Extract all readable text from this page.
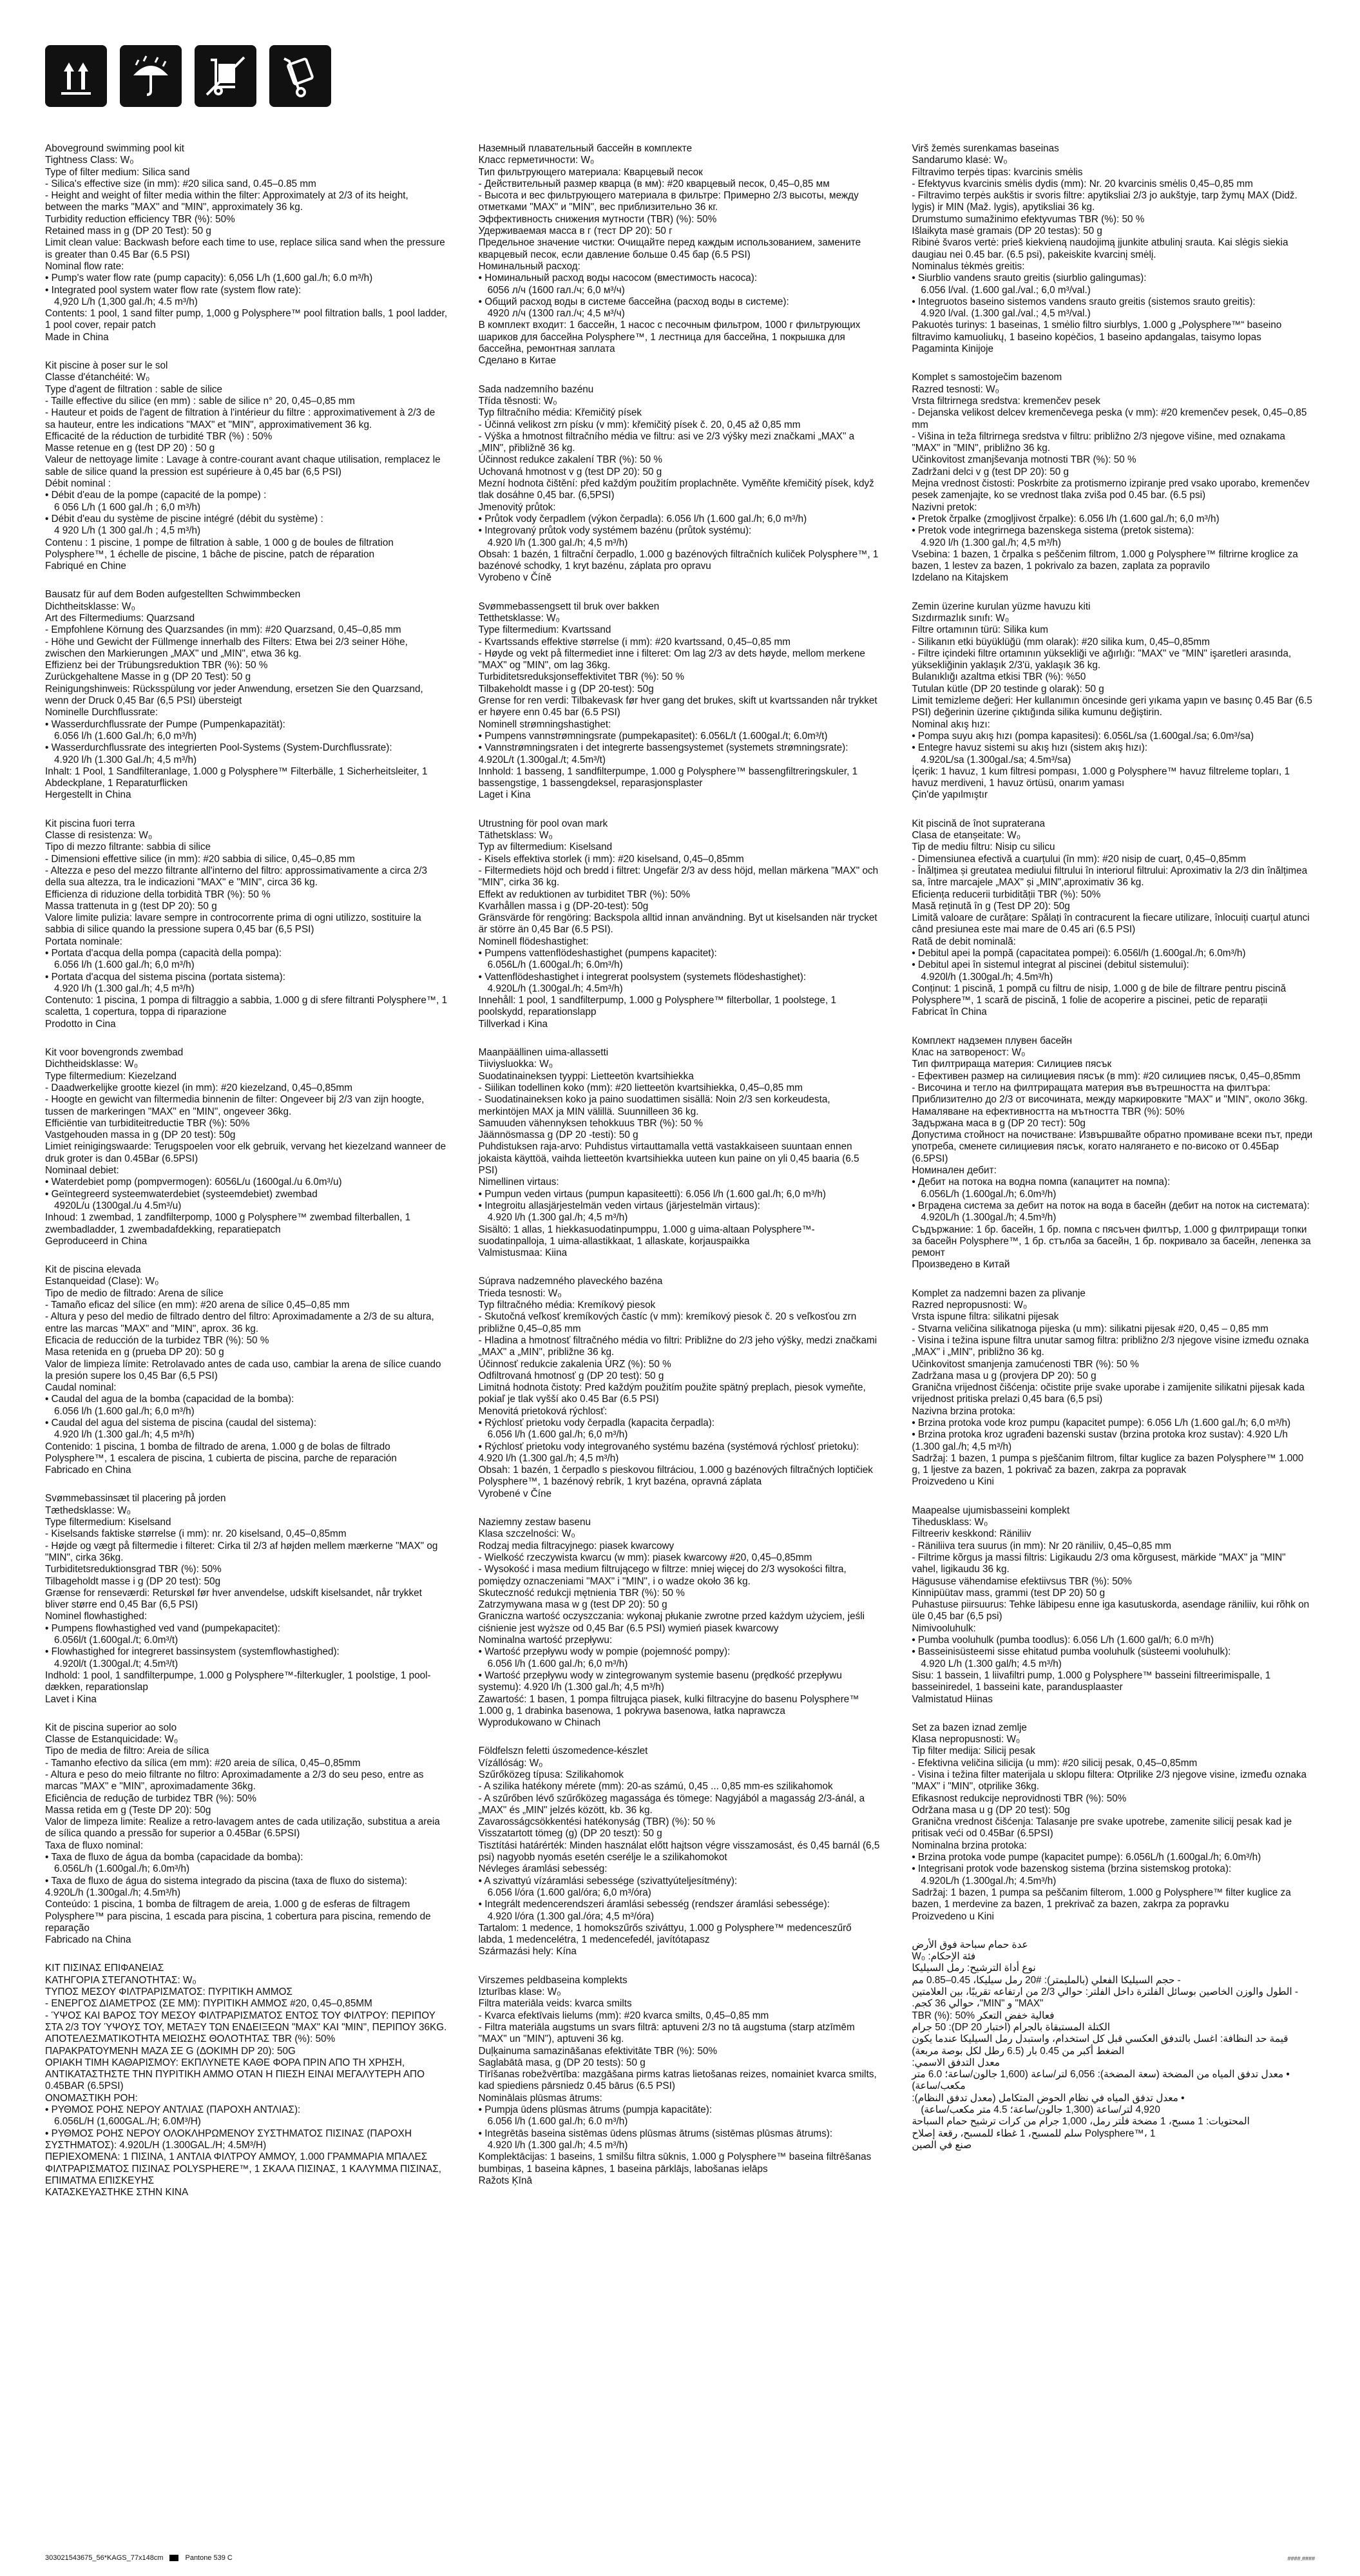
Aboveground swimming pool kit
Tightness Class: W₀
Type of filter medium: Silica sand
- Silica's effective size (in mm): #20 silica sand, 0.45–0.85 mm
- Height and weight of filter media within the filter: Approximately at 2/3 of its height, between the marks "MAX" and "MIN", approximately 36 kg.
Turbidity reduction efficiency TBR (%): 50%
Retained mass in g (DP 20 Test): 50 g
Limit clean value: Backwash before each time to use, replace silica sand when the pressure is greater than 0.45 Bar (6.5 PSI)
Nominal flow rate:
• Pump's water flow rate (pump capacity): 6,056 L/h (1,600 gal./h; 6.0 m³/h)
• Integrated pool system water flow rate (system flow rate):
4,920 L/h (1,300 gal./h; 4.5 m³/h)
Contents: 1 pool, 1 sand filter pump, 1,000 g Polysphere™ pool filtration balls, 1 pool ladder, 1 pool cover, repair patch
Made in China
Kit piscine à poser sur le sol
Classe d'étanchéité: W₀
Type d'agent de filtration : sable de silice
- Taille effective du silice (en mm) : sable de silice n° 20, 0,45–0,85 mm
- Hauteur et poids de l'agent de filtration à l'intérieur du filtre : approximativement à 2/3 de sa hauteur, entre les indications "MAX" et "MIN", approximativement 36 kg.
Efficacité de la réduction de turbidité TBR (%) : 50%
Masse retenue en g (test DP 20) : 50 g
Valeur de nettoyage limite : Lavage à contre-courant avant chaque utilisation, remplacez le sable de silice quand la pression est supérieure à 0,45 bar (6,5 PSI)
Débit nominal :
• Débit d'eau de la pompe (capacité de la pompe) :
6 056 L/h (1 600 gal./h ; 6,0 m³/h)
• Débit d'eau du système de piscine intégré (débit du système) :
4 920 L/h (1 300 gal./h ; 4,5 m³/h)
Contenu : 1 piscine, 1 pompe de filtration à sable, 1 000 g de boules de filtration Polysphere™, 1 échelle de piscine, 1 bâche de piscine, patch de réparation
Fabriqué en Chine
Bausatz für auf dem Boden aufgestellten Schwimmbecken
Dichtheitsklasse: W₀
Art des Filtermediums: Quarzsand
- Empfohlene Körnung des Quarzsandes (in mm): #20 Quarzsand, 0,45–0,85 mm
- Höhe und Gewicht der Füllmenge innerhalb des Filters: Etwa bei 2/3 seiner Höhe, zwischen den Markierungen „MAX" und „MIN", etwa 36 kg.
Effizienz bei der Trübungsreduktion TBR (%): 50 %
Zurückgehaltene Masse in g (DP 20 Test): 50 g
Reinigungshinweis: Rücksspülung vor jeder Anwendung, ersetzen Sie den Quarzsand, wenn der Druck 0,45 Bar (6,5 PSI) übersteigt
Nominelle Durchflussrate:
• Wasserdurchflussrate der Pumpe (Pumpenkapazität):
6.056 l/h (1.600 Gal./h; 6,0 m³/h)
• Wasserdurchflussrate des integrierten Pool-Systems (System-Durchflussrate):
4.920 l/h (1.300 Gal./h; 4,5 m³/h)
Inhalt: 1 Pool, 1 Sandfilteranlage, 1.000 g Polysphere™ Filterbälle, 1 Sicherheitsleiter, 1 Abdeckplane, 1 Reparaturflicken
Hergestellt in China
Kit piscina fuori terra
Classe di resistenza: W₀
Tipo di mezzo filtrante: sabbia di silice
- Dimensioni effettive silice (in mm): #20 sabbia di silice, 0,45–0,85 mm
- Altezza e peso del mezzo filtrante all'interno del filtro: approssimativamente a circa 2/3 della sua altezza, tra le indicazioni "MAX" e "MIN", circa 36 kg.
Efficienza di riduzione della torbidità TBR (%): 50 %
Massa trattenuta in g (test DP 20): 50 g
Valore limite pulizia: lavare sempre in controcorrente prima di ogni utilizzo, sostituire la sabbia di silice quando la pressione supera 0,45 bar (6,5 PSI)
Portata nominale:
• Portata d'acqua della pompa (capacità della pompa):
6.056 l/h (1.600 gal./h; 6,0 m³/h)
• Portata d'acqua del sistema piscina (portata sistema):
4.920 l/h (1.300 gal./h; 4,5 m³/h)
Contenuto: 1 piscina, 1 pompa di filtraggio a sabbia, 1.000 g di sfere filtranti Polysphere™, 1 scaletta, 1 copertura, toppa di riparazione
Prodotto in Cina
Kit voor bovengronds zwembad
Dichtheidsklasse: W₀
Type filtermedium: Kiezelzand
- Daadwerkelijke grootte kiezel (in mm): #20 kiezelzand, 0,45–0,85mm
- Hoogte en gewicht van filtermedia binnenin de filter: Ongeveer bij 2/3 van zijn hoogte, tussen de markeringen "MAX" en "MIN", ongeveer 36kg.
Efficiëntie van turbiditeitreductie TBR (%): 50%
Vastgehouden massa in g (DP 20 test): 50g
Limiet reinigingswaarde: Terugspoelen voor elk gebruik, vervang het kiezelzand wanneer de druk groter is dan 0.45Bar (6.5PSI)
Nominaal debiet:
• Waterdebiet pomp (pompvermogen): 6056L/u (1600gal./u 6.0m³/u)
• Geïntegreerd systeemwaterdebiet (systeemdebiet) zwembad
4920L/u (1300gal./u 4.5m³/u)
Inhoud: 1 zwembad, 1 zandfilterpomp, 1000 g Polysphere™ zwembad filterballen, 1 zwembadladder, 1 zwembadafdekking, reparatiepatch
Geproduceerd in China
Kit de piscina elevada
Estanqueidad (Clase): W₀
Tipo de medio de filtrado: Arena de sílice
- Tamaño eficaz del sílice (en mm): #20 arena de sílice 0,45–0,85 mm
- Altura y peso del medio de filtrado dentro del filtro: Aproximadamente a 2/3 de su altura, entre las marcas "MAX" and "MIN", aprox. 36 kg.
Eficacia de reducción de la turbidez TBR (%): 50 %
Masa retenida en g (prueba DP 20): 50 g
Valor de limpieza límite: Retrolavado antes de cada uso, cambiar la arena de sílice cuando la presión supere los 0,45 Bar (6,5 PSI)
Caudal nominal:
• Caudal del agua de la bomba (capacidad de la bomba):
6.056 l/h (1.600 gal./h; 6,0 m³/h)
• Caudal del agua del sistema de piscina (caudal del sistema):
4.920 l/h (1.300 gal./h; 4,5 m³/h)
Contenido: 1 piscina, 1 bomba de filtrado de arena, 1.000 g de bolas de filtrado Polysphere™, 1 escalera de piscina, 1 cubierta de piscina, parche de reparación
Fabricado en China
Svømmebassinsæt til placering på jorden
Tæthedsklasse: W₀
Type filtermedium: Kiselsand
- Kiselsands faktiske størrelse (i mm): nr. 20 kiselsand, 0,45–0,85mm
- Højde og vægt på filtermedie i filteret: Cirka til 2/3 af højden mellem mærkerne "MAX" og "MIN", cirka 36kg.
Turbiditetsreduktionsgrad TBR (%): 50%
Tilbageholdt masse i g (DP 20 test): 50g
Grænse for renseværdi: Returskøl før hver anvendelse, udskift kiselsandet, når trykket bliver større end 0,45 Bar (6,5 PSI)
Nominel flowhastighed:
• Pumpens flowhastighed ved vand (pumpekapacitet):
6.056l/t (1.600gal./t; 6.0m³/t)
• Flowhastighed for integreret bassinsystem (systemflowhastighed):
4.920l/t (1.300gal./t; 4.5m³/t)
Indhold: 1 pool, 1 sandfilterpumpe, 1.000 g Polysphere™-filterkugler, 1 poolstige, 1 pool-dækken, reparationslap
Lavet i Kina
Kit de piscina superior ao solo
Classe de Estanquicidade: W₀
Tipo de media de filtro: Areia de sílica
- Tamanho efectivo da sílica (em mm): #20 areia de sílica, 0,45–0,85mm
- Altura e peso do meio filtrante no filtro: Aproximadamente a 2/3 do seu peso, entre as marcas "MAX" e "MIN", aproximadamente 36kg.
Eficiência de redução de turbidez TBR (%): 50%
Massa retida em g (Teste DP 20): 50g
Valor de limpeza limite: Realize a retro-lavagem antes de cada utilização, substitua a areia de sílica quando a pressão for superior a 0.45Bar (6.5PSI)
Taxa de fluxo nominal:
• Taxa de fluxo de água da bomba (capacidade da bomba):
6.056L/h (1.600gal./h; 6.0m³/h)
• Taxa de fluxo de água do sistema integrado da piscina (taxa de fluxo do sistema): 4.920L/h (1.300gal./h; 4.5m³/h)
Conteúdo: 1 piscina, 1 bomba de filtragem de areia, 1.000 g de esferas de filtragem Polysphere™ para piscina, 1 escada para piscina, 1 cobertura para piscina, remendo de reparação
Fabricado na China
ΚΙΤ ΠΙΣΙΝΑΣ ΕΠΙΦΑΝΕΙΑΣ
ΚΑΤΗΓΟΡΙΑ ΣΤΕΓΑΝΟΤΗΤΑΣ: W₀
ΤΥΠΟΣ ΜΕΣΟΥ ΦΙΛΤΡΑΡΙΣΜΑΤΟΣ: ΠΥΡΙΤΙΚΗ ΑΜΜΟΣ
- ΕΝΕΡΓΟΣ ΔΙΑΜΕΤΡΟΣ (ΣΕ MM): ΠΥΡΙΤΙΚΗ ΑΜΜΟΣ #20, 0,45–0,85MM
- ΎΨΟΣ ΚΑΙ ΒΑΡΟΣ ΤΟΥ ΜΕΣΟΥ ΦΙΛΤΡΑΡΙΣΜΑΤΟΣ ΕΝΤΟΣ ΤΟΥ ΦΙΛΤΡΟΥ: ΠΕΡΙΠΟΥ ΣΤΑ 2/3 ΤΟΥ ΎΨΟΥΣ ΤΟΥ, ΜΕΤΑΞΥ ΤΩΝ ΕΝΔΕΙΞΕΩΝ "MAX" ΚΑΙ "MIN", ΠΕΡΙΠΟΥ 36KG.
ΑΠΟΤΕΛΕΣΜΑΤΙΚΟΤΗΤΑ ΜΕΙΩΣΗΣ ΘΟΛΟΤΗΤΑΣ TBR (%): 50%
ΠΑΡΑΚΡΑΤΟΥΜΕΝΗ ΜΑΖΑ ΣΕ G (ΔΟΚΙΜΗ DP 20): 50G
ΟΡΙΑΚΗ ΤΙΜΗ ΚΑΘΑΡΙΣΜΟΥ: ΕΚΠΛΥΝΕΤΕ ΚΑΘΕ ΦΟΡΑ ΠΡΙΝ ΑΠΟ ΤΗ ΧΡΗΣΗ, ΑΝΤΙΚΑΤΑΣΤΗΣΤΕ ΤΗΝ ΠΥΡΙΤΙΚΗ ΑΜΜΟ ΟΤΑΝ Η ΠΙΕΣΗ ΕΙΝΑΙ ΜΕΓΑΛΥΤΕΡΗ ΑΠΟ 0.45BAR (6.5PSI)
ΟΝΟΜΑΣΤΙΚΗ ΡΟΗ:
• ΡΥΘΜΟΣ ΡΟΗΣ ΝΕΡΟΥ ΑΝΤΛΙΑΣ (ΠΑΡΟΧΗ ΑΝΤΛΙΑΣ):
6.056L/H (1,600GAL./H; 6.0M³/H)
• ΡΥΘΜΟΣ ΡΟΗΣ ΝΕΡΟΥ ΟΛΟΚΛΗΡΩΜΕΝΟΥ ΣΥΣΤΗΜΑΤΟΣ ΠΙΣΙΝΑΣ (ΠΑΡΟΧΗ ΣΥΣΤΗΜΑΤΟΣ): 4.920L/H (1.300GAL./H; 4.5M³/H)
ΠΕΡΙΕΧΟΜΕΝΑ: 1 ΠΙΣΙΝΑ, 1 ΑΝΤΛΙΑ ΦΙΛΤΡΟΥ ΑΜΜΟΥ, 1.000 ΓΡΑΜΜΑΡΙΑ ΜΠΑΛΕΣ ΦΙΛΤΡΑΡΙΣΜΑΤΟΣ ΠΙΣΙΝΑΣ POLYSPHERE™, 1 ΣΚΑΛΑ ΠΙΣΙΝΑΣ, 1 ΚΑΛΥΜΜΑ ΠΙΣΙΝΑΣ, ΕΠΙΜΑΤΜΑ ΕΠΙΣΚΕΥΗΣ
ΚΑΤΑΣΚΕΥΑΣΤΗΚΕ ΣΤΗΝ ΚΙΝΑ
Наземный плавательный бассейн в комплекте
Класс герметичности: W₀
Тип фильтрующего материала: Кварцевый песок
- Действительный размер кварца (в мм): #20 кварцевый песок, 0,45–0,85 мм
- Высота и вес фильтрующего материала в фильтре: Примерно 2/3 высоты, между отметками "MAX" и "MIN", вес приблизительно 36 кг.
Эффективность снижения мутности (TBR) (%): 50%
Удерживаемая масса в г (тест DP 20): 50 г
Предельное значение чистки: Очищайте перед каждым использованием, замените кварцевый песок, если давление больше 0.45 бар (6.5 PSI)
Номинальный расход:
• Номинальный расход воды насосом (вместимость насоса):
6056 л/ч (1600 гал./ч; 6,0 м³/ч)
• Общий расход воды в системе бассейна (расход воды в системе):
4920 л/ч (1300 гал./ч; 4,5 м³/ч)
В комплект входит: 1 бассейн, 1 насос с песочным фильтром, 1000 г фильтрующих шариков для бассейна Polysphere™, 1 лестница для бассейна, 1 покрышка для бассейна, ремонтная заплата
Сделано в Китае
Sada nadzemního bazénu
Třída těsnosti: W₀
Typ filtračního média: Křemičitý písek
- Účinná velikost zrn písku (v mm): křemičitý písek č. 20, 0,45 až 0,85 mm
- Výška a hmotnost filtračního média ve filtru: asi ve 2/3 výšky mezi značkami „MAX" a „MIN", přibližně 36 kg.
Účinnost redukce zakalení TBR (%): 50 %
Uchovaná hmotnost v g (test DP 20): 50 g
Mezní hodnota čištění: před každým použitím proplachněte. Vyměňte křemičitý písek, když tlak dosáhne 0,45 bar. (6,5PSI)
Jmenovitý průtok:
• Průtok vody čerpadlem (výkon čerpadla): 6.056 l/h (1.600 gal./h; 6,0 m³/h)
• Integrovaný průtok vody systémem bazénu (průtok systému):
4.920 l/h (1.300 gal./h; 4,5 m³/h)
Obsah: 1 bazén, 1 filtrační čerpadlo, 1.000 g bazénových filtračních kuliček Polysphere™, 1 bazénové schodky, 1 kryt bazénu, záplata pro opravu
Vyrobeno v Číně
Svømmebassengsett til bruk over bakken
Tetthetsklasse: W₀
Type filtermedium: Kvartssand
- Kvartssands effektive størrelse (i mm): #20 kvartssand, 0,45–0,85 mm
- Høyde og vekt på filtermediet inne i filteret: Om lag 2/3 av dets høyde, mellom merkene "MAX" og "MIN", om lag 36kg.
Turbiditetsreduksjonseffektivitet TBR (%): 50 %
Tilbakeholdt masse i g (DP 20-test): 50g
Grense for ren verdi: Tilbakevask før hver gang det brukes, skift ut kvartssanden når trykket er høyere enn 0.45 bar (6.5 PSI)
Nominell strømningshastighet:
• Pumpens vannstrømningsrate (pumpekapasitet): 6.056L/t (1.600gal./t; 6.0m³/t)
• Vannstrømningsraten i det integrerte bassengsystemet (systemets strømningsrate): 4.920L/t (1.300gal./t; 4.5m³/t)
Innhold: 1 basseng, 1 sandfilterpumpe, 1.000 g Polysphere™ bassengfiltreringskuler, 1 bassengstige, 1 bassengdeksel, reparasjonsplaster
Laget i Kina
Utrustning för pool ovan mark
Täthetsklass: W₀
Typ av filtermedium: Kiselsand
- Kisels effektiva storlek (i mm): #20 kiselsand, 0,45–0,85mm
- Filtermediets höjd och bredd i filtret: Ungefär 2/3 av dess höjd, mellan märkena "MAX" och "MIN", cirka 36 kg.
Effekt av reduktionen av turbiditet TBR (%): 50%
Kvarhållen massa i g (DP-20-test): 50g
Gränsvärde för rengöring: Backspola alltid innan användning. Byt ut kiselsanden när trycket är större än 0,45 Bar (6.5 PSI).
Nominell flödeshastighet:
• Pumpens vattenflödeshastighet (pumpens kapacitet):
6.056L/h (1.600gal./h; 6.0m³/h)
• Vattenflödeshastighet i integrerat poolsystem (systemets flödeshastighet):
4.920L/h (1.300gal./h; 4.5m³/h)
Innehåll: 1 pool, 1 sandfilterpump, 1.000 g Polysphere™ filterbollar, 1 poolstege, 1 poolskydd, reparationslapp
Tillverkad i Kina
Maanpäällinen uima-allassetti
Tiiviysluokka: W₀
Suodatinaineksen tyyppi: Lietteetön kvartsihiekka
- Siilikan todellinen koko (mm): #20 lietteetön kvartsihiekka, 0,45–0,85 mm
- Suodatinaineksen koko ja paino suodattimen sisällä: Noin 2/3 sen korkeudesta, merkintöjen MAX ja MIN välillä. Suunnilleen 36 kg.
Samuuden vähennyksen tehokkuus TBR (%): 50 %
Jäännösmassa g (DP 20 -testi): 50 g
Puhdistuksen raja-arvo: Puhdistus virtauttamalla vettä vastakkaiseen suuntaan ennen jokaista käyttöä, vaihda lietteetön kvartsihiekka uuteen kun paine on yli 0,45 baaria (6.5 PSI)
Nimellinen virtaus:
• Pumpun veden virtaus (pumpun kapasiteetti): 6.056 l/h (1.600 gal./h; 6,0 m³/h)
• Integroitu allasjärjestelmän veden virtaus (järjestelmän virtaus):
4.920 l/h (1.300 gal./h; 4,5 m³/h)
Sisältö: 1 allas, 1 hiekkasuodatinpumppu, 1.000 g uima-altaan Polysphere™-suodatinpalloja, 1 uima-allastikkaat, 1 allaskate, korjauspaikka
Valmistusmaa: Kiina
Súprava nadzemného plaveckého bazéna
Trieda tesnosti: W₀
Typ filtračného média: Kremíkový piesok
- Skutočná veľkosť kremíkových častíc (v mm): kremíkový piesok č. 20 s veľkosťou zrn približne 0,45–0,85 mm
- Hladina a hmotnosť filtračného média vo filtri: Približne do 2/3 jeho výšky, medzi značkami „MAX" a „MIN", približne 36 kg.
Účinnosť redukcie zakalenia ÚRZ (%): 50 %
Odfiltrovaná hmotnosť g (DP 20 test): 50 g
Limitná hodnota čistoty: Pred každým použitím použite spätný preplach, piesok vymeňte, pokiaľ je tlak vyšší ako 0.45 Bar (6.5 PSI)
Menovitá prietoková rýchlosť:
• Rýchlosť prietoku vody čerpadla (kapacita čerpadla):
6.056 l/h (1.600 gal./h; 6,0 m³/h)
• Rýchlosť prietoku vody integrovaného systému bazéna (systémová rýchlosť prietoku): 4.920 l/h (1.300 gal./h; 4,5 m³/h)
Obsah: 1 bazén, 1 čerpadlo s pieskovou filtráciou, 1.000 g bazénových filtračných loptičiek Polysphere™, 1 bazénový rebrík, 1 kryt bazéna, opravná záplata
Vyrobené v Číne
Naziemny zestaw basenu
Klasa szczelności: W₀
Rodzaj media filtracyjnego: piasek kwarcowy
- Wielkość rzeczywista kwarcu (w mm): piasek kwarcowy #20, 0,45–0,85mm
- Wysokość i masa medium filtrującego w filtrze: mniej więcej do 2/3 wysokości filtra, pomiędzy oznaczeniami "MAX" i "MIN", i o wadze około 36 kg.
Skuteczność redukcji mętnienia TBR (%): 50 %
Zatrzymywana masa w g (test DP 20): 50 g
Graniczna wartość oczyszczania: wykonaj płukanie zwrotne przed każdym użyciem, jeśli ciśnienie jest wyższe od 0,45 Bar (6.5 PSI) wymień piasek kwarcowy
Nominalna wartość przepływu:
• Wartość przepływu wody w pompie (pojemność pompy):
6.056 l/h (1.600 gal./h; 6,0 m³/h)
• Wartość przepływu wody w zintegrowanym systemie basenu (prędkość przepływu systemu): 4.920 l/h (1.300 gal./h; 4,5 m³/h)
Zawartość: 1 basen, 1 pompa filtrująca piasek, kulki filtracyjne do basenu Polysphere™ 1.000 g, 1 drabinka basenowa, 1 pokrywa basenowa, łatka naprawcza
Wyprodukowano w Chinach
Földfelszn feletti úszomedence-készlet
Vízállóság: W₀
Szűrőközeg típusa: Szilikahomok
- A szilika hatékony mérete (mm): 20-as számú, 0,45 ... 0,85 mm-es szilikahomok
- A szűrőben lévő szűrőközeg magassága és tömege: Nagyjából a magasság 2/3-ánál, a „MAX" és „MIN" jelzés között, kb. 36 kg.
Zavarosságcsökkentési hatékonyság (TBR) (%): 50 %
Visszatartott tömeg (g) (DP 20 teszt): 50 g
Tisztítási határérték: Minden használat előtt hajtson végre visszamosást, és 0,45 barnál (6,5 psi) nagyobb nyomás esetén cserélje le a szilikahomokot
Névleges áramlási sebesség:
• A szivattyú vízáramlási sebessége (szivattyúteljesítmény):
6.056 l/óra (1.600 gal/óra; 6,0 m³/óra)
• Integrált medencerendszeri áramlási sebesség (rendszer áramlási sebessége):
4.920 l/óra (1.300 gal./óra; 4,5 m³/óra)
Tartalom: 1 medence, 1 homokszűrős sziváttyu, 1.000 g Polysphere™ medenceszűrő labda, 1 medencelétra, 1 medencefedél, javítótapasz
Származási hely: Kína
Virszemes peldbaseina komplekts
Izturības klase: W₀
Filtra materiāla veids: kvarca smilts
- Kvarca efektīvais lielums (mm): #20 kvarca smilts, 0,45–0,85 mm
- Filtra materiāla augstums un svars filtrā: aptuveni 2/3 no tā augstuma (starp atzīmēm "MAX" un "MIN"), aptuveni 36 kg.
Duļķainuma samazināšanas efektivitāte TBR (%): 50%
Saglabātā masa, g (DP 20 tests): 50 g
Tīrīšanas robežvērtība: mazgāšana pirms katras lietošanas reizes, nomainiet kvarca smilts, kad spiediens pārsniedz 0.45 bārus (6.5 PSI)
Nominālais plūsmas ātrums:
• Pumpja ūdens plūsmas ātrums (pumpja kapacitāte):
6.056 l/h (1.600 gal./h; 6.0 m³/h)
• Integrētās baseina sistēmas ūdens plūsmas ātrums (sistēmas plūsmas ātrums):
4.920 l/h (1.300 gal./h; 4.5 m³/h)
Komplektācijas: 1 baseins, 1 smilšu filtra sūknis, 1.000 g Polysphere™ baseina filtrēšanas bumbiņas, 1 baseina kāpnes, 1 baseina pārklājs, labošanas ielāps
Ražots Ķīnā
Virš žemės surenkamas baseinas
Sandarumo klasė: W₀
Filtravimo terpės tipas: kvarcinis smėlis
- Efektyvus kvarcinis smėlis dydis (mm): Nr. 20 kvarcinis smėlis 0,45–0,85 mm
- Filtravimo terpės aukštis ir svoris filtre: apytiksliai 2/3 jo aukštyje, tarp žymų MAX (Didž. lygis) ir MIN (Maž. lygis), apytiksliai 36 kg.
Drumstumo sumažinimo efektyvumas TBR (%): 50 %
Išlaikyta masė gramais (DP 20 testas): 50 g
Ribinė švaros vertė: prieš kiekvieną naudojimą įjunkite atbulinį srauta. Kai slėgis siekia daugiau nei 0.45 bar. (6.5 psi), pakeiskite kvarcinį smėlį.
Nominalus tėkmės greitis:
• Siurblio vandens srauto greitis (siurblio galingumas):
6.056 l/val. (1.600 gal./val.; 6,0 m³/val.)
• Integruotos baseino sistemos vandens srauto greitis (sistemos srauto greitis):
4.920 l/val. (1.300 gal./val.; 4,5 m³/val.)
Pakuotės turinys: 1 baseinas, 1 smėlio filtro siurblys, 1.000 g „Polysphere™“ baseino filtravimo kamuoliukų, 1 baseino kopėčios, 1 baseino apdangalas, taisymo lopas
Pagaminta Kinijoje
Komplet s samostoječim bazenom
Razred tesnosti: W₀
Vrsta filtrirnega sredstva: kremenčev pesek
- Dejanska velikost delcev kremenčevega peska (v mm): #20 kremenčev pesek, 0,45–0,85 mm
- Višina in teža filtrirnega sredstva v filtru: približno 2/3 njegove višine, med oznakama "MAX" in "MIN", približno 36 kg.
Učinkovitost zmanjševanja motnosti TBR (%): 50 %
Zadržani delci v g (test DP 20): 50 g
Mejna vrednost čistosti: Poskrbite za protismerno izpiranje pred vsako uporabo, kremenčev pesek zamenjajte, ko se vrednost tlaka zviša pod 0.45 bar. (6.5 psi)
Nazivni pretok:
• Pretok črpalke (zmogljivost črpalke): 6.056 l/h (1.600 gal./h; 6,0 m³/h)
• Pretok vode integrirnega bazenskega sistema (pretok sistema):
4.920 l/h (1.300 gal./h; 4,5 m³/h)
Vsebina: 1 bazen, 1 črpalka s peščenim filtrom, 1.000 g Polysphere™ filtrirne kroglice za bazen, 1 lestev za bazen, 1 pokrivalo za bazen, zaplata za popravilo
Izdelano na Kitajskem
Zemin üzerine kurulan yüzme havuzu kiti
Sızdırmazlık sınıfı: W₀
Filtre ortamının türü: Silika kum
- Silikanın etki büyüklüğü (mm olarak): #20 silika kum, 0,45–0,85mm
- Filtre içindeki filtre ortamının yüksekliği ve ağırlığı: "MAX" ve "MIN" işaretleri arasında, yüksekliğinin yaklaşık 2/3'ü, yaklaşık 36 kg.
Bulanıklığı azaltma etkisi TBR (%): %50
Tutulan kütle (DP 20 testinde g olarak): 50 g
Limit temizleme değeri: Her kullanımın öncesinde geri yıkama yapın ve basınç 0.45 Bar (6.5 PSI) değerinin üzerine çıktığında silika kumunu değiştirin.
Nominal akış hızı:
• Pompa suyu akış hızı (pompa kapasitesi): 6.056L/sa (1.600gal./sa; 6.0m³/sa)
• Entegre havuz sistemi su akış hızı (sistem akış hızı):
4.920L/sa (1.300gal./sa; 4.5m³/sa)
İçerik: 1 havuz, 1 kum filtresi pompası, 1.000 g Polysphere™ havuz filtreleme topları, 1 havuz merdiveni, 1 havuz örtüsü, onarım yaması
Çin'de yapılmıştır
Kit piscină de înot supraterana
Clasa de etanșeitate: W₀
Tip de mediu filtru: Nisip cu silicu
- Dimensiunea efectivă a cuarțului (în mm): #20 nisip de cuarț, 0,45–0,85mm
- Înălțimea și greutatea mediului filtrului în interiorul filtrului: Aproximativ la 2/3 din înălțimea sa, între marcajele „MAX" și „MIN",aproximativ 36 kg.
Eficiența reducerii turbidității TBR (%): 50%
Masă reținută în g (Test DP 20): 50g
Limită valoare de curățare: Spălați în contracurent la fiecare utilizare, înlocuiți cuarțul atunci când presiunea este mai mare de 0.45 ari (6.5 PSI)
Rată de debit nominală:
• Debitul apei la pompă (capacitatea pompei): 6.056l/h (1.600gal./h; 6.0m³/h)
• Debitul apei în sistemul integrat al piscinei (debitul sistemului):
4.920l/h (1.300gal./h; 4.5m³/h)
Conținut: 1 piscină, 1 pompă cu filtru de nisip, 1.000 g de bile de filtrare pentru piscină Polysphere™, 1 scară de piscină, 1 folie de acoperire a piscinei, petic de reparații
Fabricat în China
Комплект надземен плувен басейн
Клас на затвореност: W₀
Тип филтрираща материя: Силициев пясък
- Ефективен размер на силициевия пясък (в mm): #20 силициев пясък, 0,45–0,85mm
- Височина и тегло на филтриращата материя във вътрешността на филтъра: Приблизително до 2/3 от височината, между маркировките "MAX" и "MIN", около 36kg.
Намаляване на ефективността на мътността TBR (%): 50%
Задържана маса в g (DP 20 тест): 50g
Допустима стойност на почистване: Извършвайте обратно промиване всеки път, преди употреба, сменете силициевия пясък, когато налягането е по-високо от 0.45Бар (6.5PSI)
Номинален дебит:
• Дебит на потока на водна помпа (капацитет на помпа):
6.056L/h (1.600gal./h; 6.0m³/h)
• Вградена система за дебит на поток на вода в басейн (дебит на поток на системата):
4.920L/h (1.300gal./h; 4.5m³/h)
Съдържание: 1 бр. басейн, 1 бр. помпа с пясъчен филтър, 1.000 g филтриращи топки за басейн Polysphere™, 1 бр. стълба за басейн, 1 бр. покривало за басейн, лепенка за ремонт
Произведено в Китай
Komplet za nadzemni bazen za plivanje
Razred nepropusnosti: W₀
Vrsta ispune filtra: silikatni pijesak
- Stvarna veličina silikatnoga pijeska (u mm): silikatni pijesak #20, 0,45 – 0,85 mm
- Visina i težina ispune filtra unutar samog filtra: približno 2/3 njegove visine između oznaka „MAX" i „MIN", približno 36 kg.
Učinkovitost smanjenja zamućenosti TBR (%): 50 %
Zadržana masa u g (provjera DP 20): 50 g
Granična vrijednost čišćenja: očistite prije svake uporabe i zamijenite silikatni pijesak kada vrijednost pritiska prelazi 0,45 bara (6,5 psi)
Nazivna brzina protoka:
• Brzina protoka vode kroz pumpu (kapacitet pumpe): 6.056 L/h (1.600 gal./h; 6,0 m³/h)
• Brzina protoka kroz ugrađeni bazenski sustav (brzina protoka kroz sustav): 4.920 L/h (1.300 gal./h; 4,5 m³/h)
Sadržaj: 1 bazen, 1 pumpa s pješčanim filtrom, filtar kuglice za bazen Polysphere™ 1.000 g, 1 ljestve za bazen, 1 pokrivač za bazen, zakrpa za popravak
Proizvedeno u Kini
Maapealse ujumisbasseini komplekt
Tihedusklass: W₀
Filtreeriv keskkond: Räniliiv
- Räniliiva tera suurus (in mm): Nr 20 räniliiv, 0,45–0,85 mm
- Filtrime kõrgus ja massi filtris: Ligikaudu 2/3 oma kõrgusest, märkide "MAX" ja "MIN" vahel, ligikaudu 36 kg.
Hägususe vähendamise efektiivsus TBR (%): 50%
Kinnipüütav mass, grammi (test DP 20) 50 g
Puhastuse piirsuurus: Tehke läbipesu enne iga kasutuskorda, asendage räniliiv, kui rõhk on üle 0,45 bar (6,5 psi)
Nimivooluhulk:
• Pumba vooluhulk (pumba toodlus): 6.056 L/h (1.600 gal/h; 6.0 m³/h)
• Basseinisüsteemi sisse ehitatud pumba vooluhulk (süsteemi vooluhulk):
4.920 L/h (1.300 gal/h; 4.5 m³/h)
Sisu: 1 bassein, 1 liivafiltri pump, 1.000 g Polysphere™ basseini filtreerimispalle, 1 basseiniredel, 1 basseini kate, parandusplaaster
Valmistatud Hiinas
Set za bazen iznad zemlje
Klasa nepropusnosti: W₀
Tip filter medija: Silicij pesak
- Efektivna veličina silicija (u mm): #20 silicij pesak, 0,45–0,85mm
- Visina i težina filter materijala u sklopu filtera: Otprilike 2/3 njegove visine, između oznaka "MAX" i "MIN", otprilike 36kg.
Efikasnost redukcije neprovidnosti TBR (%): 50%
Održana masa u g (DP 20 test): 50g
Granična vrednost čišćenja: Talasanje pre svake upotrebe, zamenite silicij pesak kad je pritisak veći od 0.45Bar (6.5PSI)
Nominalna brzina protoka:
• Brzina protoka vode pumpe (kapacitet pumpe): 6.056L/h (1.600gal./h; 6.0m³/h)
• Integrisani protok vode bazenskog sistema (brzina sistemskog protoka):
4.920L/h (1.300gal./h; 4.5m³/h)
Sadržaj: 1 bazen, 1 pumpa sa peščanim filterom, 1.000 g Polysphere™ filter kuglice za bazen, 1 merdevine za bazen, 1 prekrivač za bazen, zakrpa za popravku
Proizvedeno u Kini
عدة حمام سباحة فوق الأرض
فئة الإحكام: W₀
نوع أداة الترشيح: رمل السيليكا
- حجم السيليكا الفعلي (بالمليمتر): #20 رمل سيليكا، 0.45–0.85 مم
- الطول والوزن الخاصين بوسائل الفلترة داخل الفلتر: حوالي 2/3 من ارتفاعه تقريبًا، بين العلامتين "MAX" و "MIN"، حوالي 36 كجم.
فعالية خفض التعكر TBR (%): 50%
الكتلة المستبقاة بالجرام (اختبار DP 20): 50 جرام
قيمة حد النظافة: اغسل بالتدفق العكسي قبل كل استخدام، واستبدل رمل السيليكا عندما يكون الضغط أكبر من 0.45 بار (6.5 رطل لكل بوصة مربعة)
معدل التدفق الاسمي:
• معدل تدفق المياه من المضخة (سعة المضخة): 6,056 لتر/ساعة (1,600 جالون/ساعة؛ 6.0 متر مكعب/ساعة)
• معدل تدفق المياه في نظام الحوض المتكامل (معدل تدفق النظام):
4,920 لتر/ساعة (1,300 جالون/ساعة؛ 4.5 متر مكعب/ساعة)
المحتويات: 1 مسبح، 1 مضخة فلتر رمل، 1,000 جرام من كرات ترشيح حمام السباحة Polysphere™، 1 سلم للمسبح، 1 غطاء للمسبح، رقعة إصلاح
صنع في الصين
303021543675_56*KAGS_77x148cm	Pantone 539 C	####.####
